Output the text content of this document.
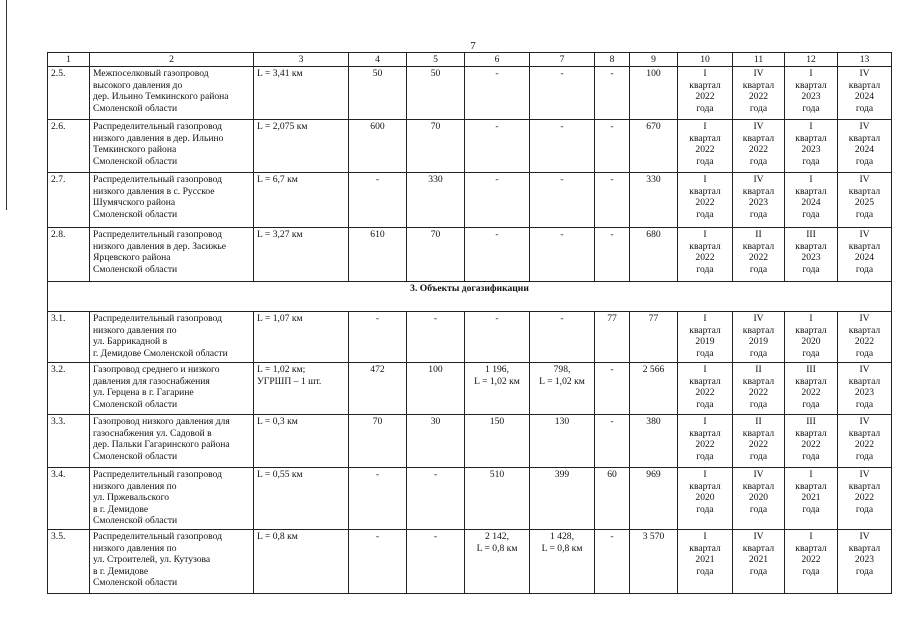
7
1	2	3	4	5	6	7	8	9	10	11	12	13
2.5.	Межпоселковый газопровод
высокого давления до
дер. Ильино Темкинского района
Смоленской области	L = 3,41 км	50	50	-	-	-	100	I
квартал
2022
года	IV
квартал
2022
года	I
квартал
2023
года	IV
квартал
2024
года

2.6.	Распределительный газопровод
низкого давления в дер. Ильино
Темкинского района
Смоленской области	L = 2,075 км	600	70	-	-	-	670	I
квартал
2022
года	IV
квартал
2022
года	I
квартал
2023
года	IV
квартал
2024
года

2.7.	Распределительный газопровод
низкого давления в с. Русское
Шумячского района
Смоленской области	L = 6,7 км	-	330	-	-	-	330	I
квартал
2022
года	IV
квартал
2023
года	I
квартал
2024
года	IV
квартал
2025
года

2.8.	Распределительный газопровод
низкого давления в дер. Засижье
Ярцевского района
Смоленской области	L = 3,27 км	610	70	-	-	-	680	I
квартал
2022
года	II
квартал
2022
года	III
квартал
2023
года	IV
квартал
2024
года

3. Объекты догазификации												
3.1.	Распределительный газопровод
низкого давления по
ул. Баррикадной в
г. Демидове Смоленской области	L = 1,07 км	-	-	-	-	77	77	I
квартал
2019
года	IV
квартал
2019
года	I
квартал
2020
года	IV
квартал
2022
года

3.2.	Газопровод среднего и низкого
давления для газоснабжения
ул. Герцена в г. Гагарине
Смоленской области	L = 1,02 км;
УГРШП – 1 шт.	472	100	1 196,
L = 1,02 км	798,
L = 1,02 км	-	2 566	I
квартал
2022
года	II
квартал
2022
года	III
квартал
2022
года	IV
квартал
2023
года

3.3.	Газопровод низкого давления для
газоснабжения ул. Садовой в
дер. Пальки Гагаринского района
Смоленской области	L = 0,3 км	70	30	150	130	-	380	I
квартал
2022
года	II
квартал
2022
года	III
квартал
2022
года	IV
квартал
2022
года

3.4.	Распределительный газопровод
низкого давления по
ул. Пржевальского
в г. Демидове
Смоленской области	L = 0,55 км	-	-	510	399	60	969	I
квартал
2020
года	IV
квартал
2020
года	I
квартал
2021
года	IV
квартал
2022
года

3.5.	Распределительный газопровод
низкого давления по
ул. Строителей, ул. Кутузова
в г. Демидове
Смоленской области	L = 0,8 км	-	-	2 142,
L = 0,8 км	1 428,
L = 0,8 км	-	3 570	I
квартал
2021
года	IV
квартал
2021
года	I
квартал
2022
года	IV
квартал
2023
года
